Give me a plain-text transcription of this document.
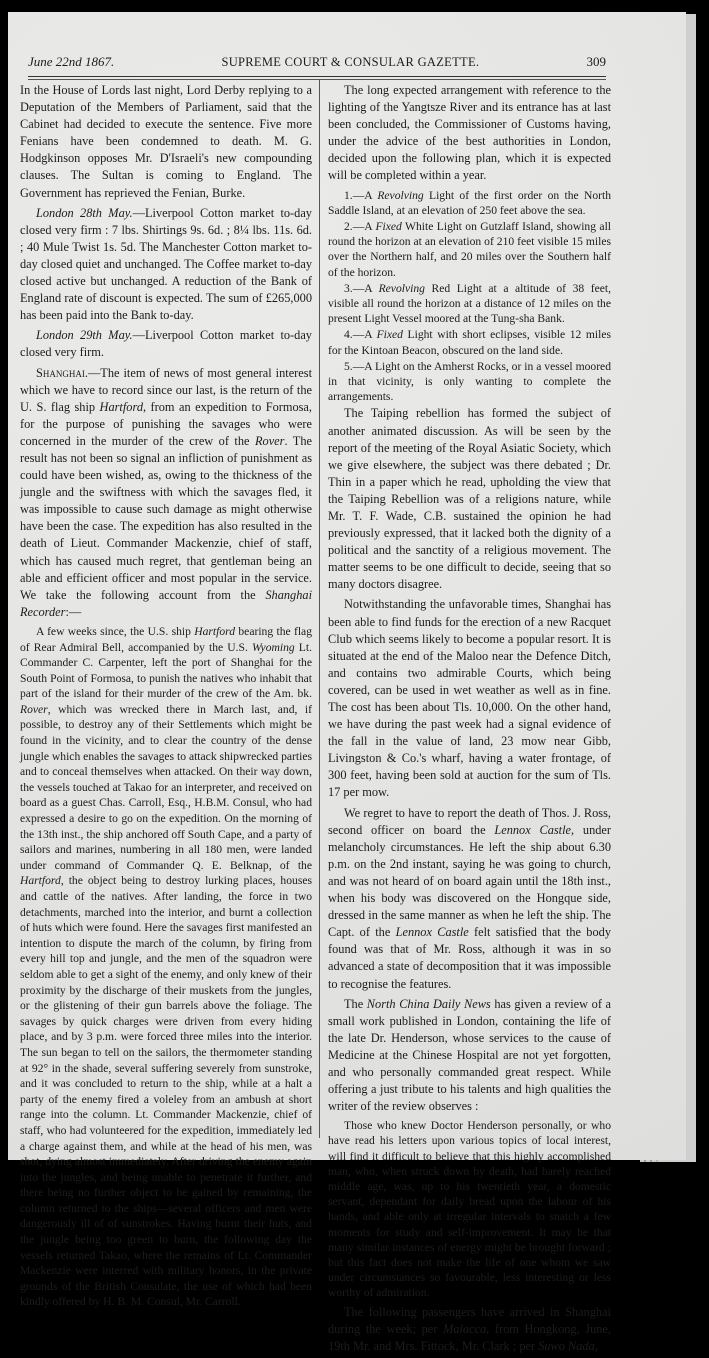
June 22nd 1867.	SUPREME COURT & CONSULAR GAZETTE.	309

In the House of Lords last night, Lord Derby replying to a Deputation of the Members of Parliament, said that the Cabinet had decided to execute the sentence. Five more Fenians have been condemned to death. M. G. Hodgkinson opposes Mr. D'Israeli's new compounding clauses. The Sultan is coming to England. The Government has reprieved the Fenian, Burke.

London 28th May.—Liverpool Cotton market to-day closed very firm : 7 lbs. Shirtings 9s. 6d. ; 8¼ lbs. 11s. 6d. ; 40 Mule Twist 1s. 5d. The Manchester Cotton market to-day closed quiet and unchanged. The Coffee market to-day closed active but unchanged. A reduction of the Bank of England rate of discount is expected. The sum of £265,000 has been paid into the Bank to-day.

London 29th May.—Liverpool Cotton market to-day closed very firm.

Shanghai.—The item of news of most general interest which we have to record since our last, is the return of the U. S. flag ship Hartford, from an expedition to Formosa, for the purpose of punishing the savages who were concerned in the murder of the crew of the Rover. The result has not been so signal an infliction of punishment as could have been wished, as, owing to the thickness of the jungle and the swiftness with which the savages fled, it was impossible to cause such damage as might otherwise have been the case. The expedition has also resulted in the death of Lieut. Commander Mackenzie, chief of staff, which has caused much regret, that gentleman being an able and efficient officer and most popular in the service. We take the following account from the Shanghai Recorder:—

A few weeks since, the U.S. ship Hartford bearing the flag of Rear Admiral Bell, accompanied by the U.S. Wyoming Lt. Commander C. Carpenter, left the port of Shanghai for the South Point of Formosa, to punish the natives who inhabit that part of the island for their murder of the crew of the Am. bk. Rover, which was wrecked there in March last, and, if possible, to destroy any of their Settlements which might be found in the vicinity, and to clear the country of the dense jungle which enables the savages to attack shipwrecked parties and to conceal themselves when attacked. On their way down, the vessels touched at Takao for an interpreter, and received on board as a guest Chas. Carroll, Esq., H.B.M. Consul, who had expressed a desire to go on the expedition. On the morning of the 13th inst., the ship anchored off South Cape, and a party of sailors and marines, numbering in all 180 men, were landed under command of Commander Q. E. Belknap, of the Hartford, the object being to destroy lurking places, houses and cattle of the natives. After landing, the force in two detachments, marched into the interior, and burnt a collection of huts which were found. Here the savages first manifested an intention to dispute the march of the column, by firing from every hill top and jungle, and the men of the squadron were seldom able to get a sight of the enemy, and only knew of their proximity by the discharge of their muskets from the jungles, or the glistening of their gun barrels above the foliage. The savages by quick charges were driven from every hiding place, and by 3 p.m. were forced three miles into the interior. The sun began to tell on the sailors, the thermometer standing at 92° in the shade, several suffering severely from sunstroke, and it was concluded to return to the ship, while at a halt a party of the enemy fired a voleley from an ambush at short range into the column. Lt. Commander Mackenzie, chief of staff, who had volunteered for the expedition, immediately led a charge against them, and while at the head of his men, was shot, dying almost immediately. After driving the enemy again into the jungles, and being unable to penetrate it further, and there being no further object to be gained by remaining, the column returned to the ships—several officers and men were dangerously ill of of sunstrokes. Having burnt their huts, and the jungle being too green to burn, the following day the vessels returned Takao, where the remains of Lt. Commander Mackenzie were interred with military honors, in the private grounds of the British Consulate, the use of which had been kindly offered by H. B. M. Consul, Mr. Carroll.

The long expected arrangement with reference to the lighting of the Yangtsze River and its entrance has at last been concluded, the Commissioner of Customs having, under the advice of the best authorities in London, decided upon the following plan, which it is expected will be completed within a year.

1.—A Revolving Light of the first order on the North Saddle Island, at an elevation of 250 feet above the sea.

2.—A Fixed White Light on Gutzlaff Island, showing all round the horizon at an elevation of 210 feet visible 15 miles over the Northern half, and 20 miles over the Southern half of the horizon.

3.—A Revolving Red Light at a altitude of 38 feet, visible all round the horizon at a distance of 12 miles on the present Light Vessel moored at the Tung-sha Bank.

4.—A Fixed Light with short eclipses, visible 12 miles for the Kintoan Beacon, obscured on the land side.

5.—A Light on the Amherst Rocks, or in a vessel moored in that vicinity, is only wanting to complete the arrangements.

The Taiping rebellion has formed the subject of another animated discussion. As will be seen by the report of the meeting of the Royal Asiatic Society, which we give elsewhere, the subject was there debated ; Dr. Thin in a paper which he read, upholding the view that the Taiping Rebellion was of a religions nature, while Mr. T. F. Wade, C.B. sustained the opinion he had previously expressed, that it lacked both the dignity of a political and the sanctity of a religious movement. The matter seems to be one difficult to decide, seeing that so many doctors disagree.

Notwithstanding the unfavorable times, Shanghai has been able to find funds for the erection of a new Racquet Club which seems likely to become a popular resort. It is situated at the end of the Maloo near the Defence Ditch, and contains two admirable Courts, which being covered, can be used in wet weather as well as in fine. The cost has been about Tls. 10,000. On the other hand, we have during the past week had a signal evidence of the fall in the value of land, 23 mow near Gibb, Livingston & Co.'s wharf, having a water frontage, of 300 feet, having been sold at auction for the sum of Tls. 17 per mow.

We regret to have to report the death of Thos. J. Ross, second officer on board the Lennox Castle, under melancholy circumstances. He left the ship about 6.30 p.m. on the 2nd instant, saying he was going to church, and was not heard of on board again until the 18th inst., when his body was discovered on the Hongque side, dressed in the same manner as when he left the ship. The Capt. of the Lennox Castle felt satisfied that the body found was that of Mr. Ross, although it was in so advanced a state of decomposition that it was impossible to recognise the features.

The North China Daily News has given a review of a small work published in London, containing the life of the late Dr. Henderson, whose services to the cause of Medicine at the Chinese Hospital are not yet forgotten, and who personally commanded great respect. While offering a just tribute to his talents and high qualities the writer of the review observes :

Those who knew Doctor Henderson personally, or who have read his letters upon various topics of local interest, will find it difficult to believe that this highly accomplished man, who, when struck down by death, had barely reached middle age, was, up to his twentieth year, a domestic servant, dependant for daily bread upon the labour of his hands, and able only at irregular intervals to snatch a few moments for study and self-improvement. It may be that many similar instances of energy might be brought forward ; but this fact does not make the life of one whom we saw under circumstances so favourable, less interesting or less worthy of admiration.

The following passengers have arrived in Shanghai during the week; per Malacca, from Hongkong, June, 19th Mr. and Mrs. Fittock, Mr. Clark ; per Suwo Nada,
